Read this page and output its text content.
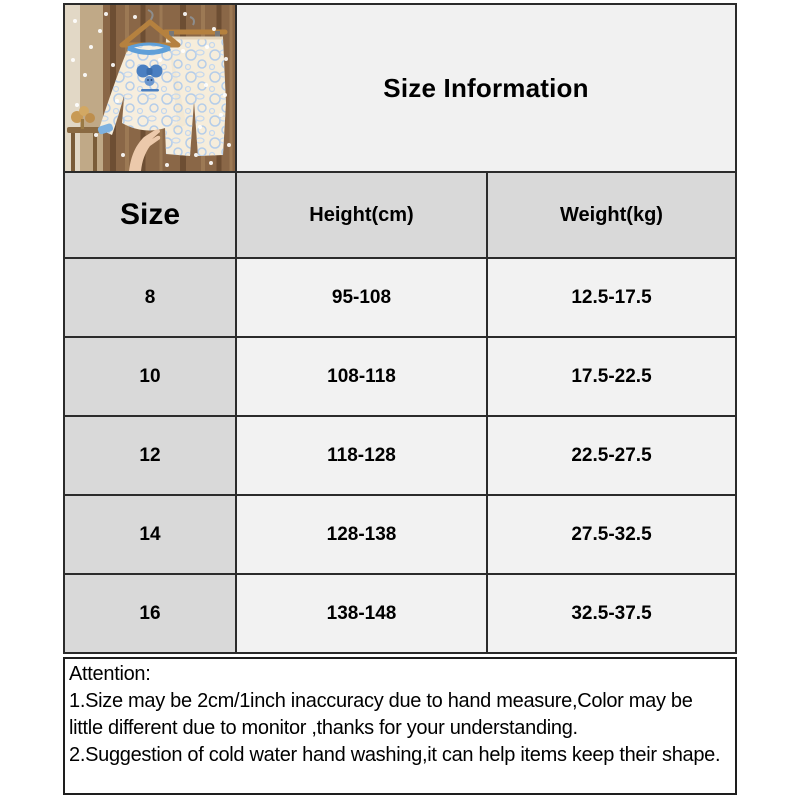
Size Information
Size	Height(cm)	Weight(kg)
8	95-108	12.5-17.5
10	108-118	17.5-22.5
12	118-128	22.5-27.5
14	128-138	27.5-32.5
16	138-148	32.5-37.5
Attention:
1.Size may be 2cm/1inch inaccuracy due to hand measure,Color may be little different due to monitor ,thanks for your understanding.
2.Suggestion of cold water hand washing,it can help items keep their shape.
